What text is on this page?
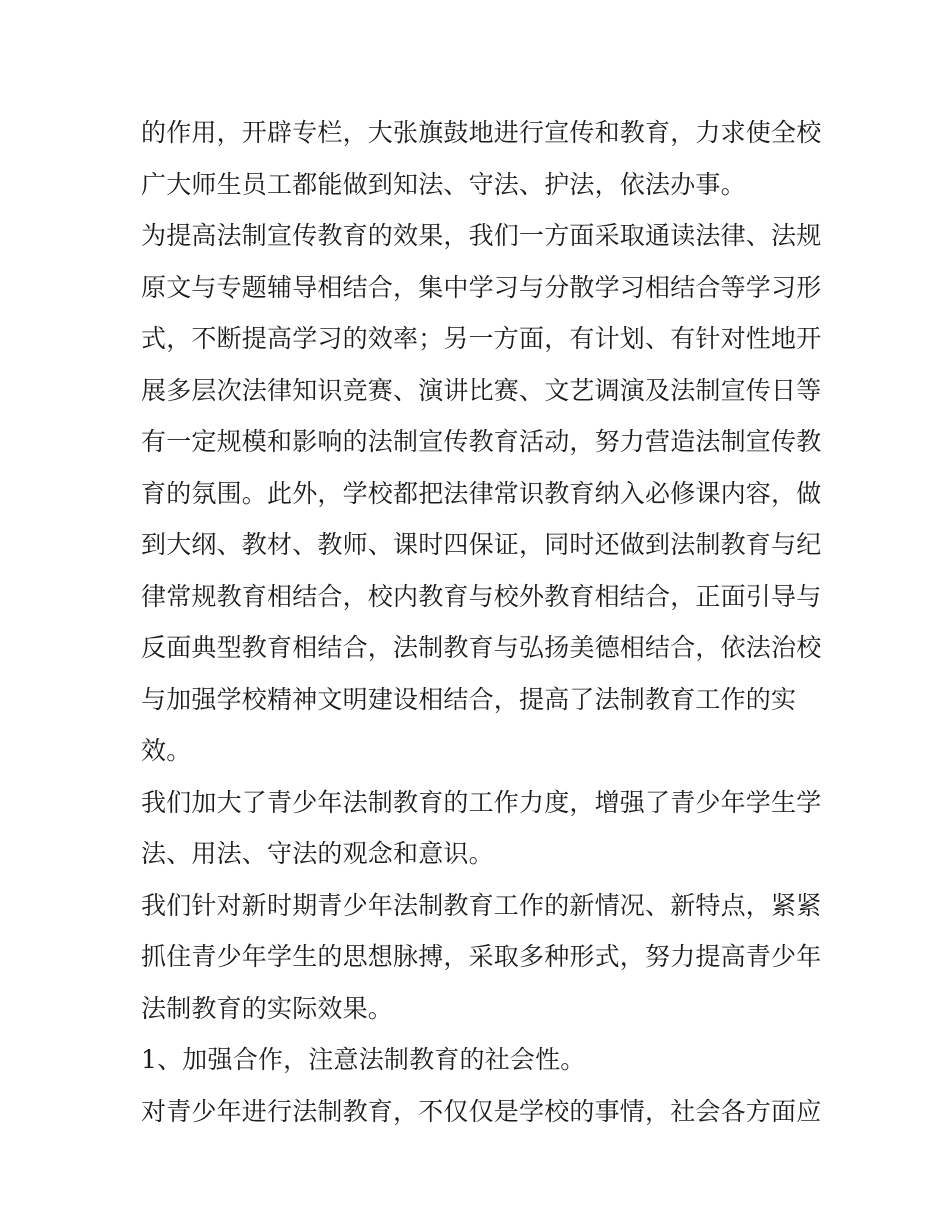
的作用，开辟专栏，大张旗鼓地进行宣传和教育，力求使全校
广大师生员工都能做到知法、守法、护法，依法办事。
为提高法制宣传教育的效果，我们一方面采取通读法律、法规
原文与专题辅导相结合，集中学习与分散学习相结合等学习形
式，不断提高学习的效率；另一方面，有计划、有针对性地开
展多层次法律知识竞赛、演讲比赛、文艺调演及法制宣传日等
有一定规模和影响的法制宣传教育活动，努力营造法制宣传教
育的氛围。此外，学校都把法律常识教育纳入必修课内容，做
到大纲、教材、教师、课时四保证，同时还做到法制教育与纪
律常规教育相结合，校内教育与校外教育相结合，正面引导与
反面典型教育相结合，法制教育与弘扬美德相结合，依法治校
与加强学校精神文明建设相结合，提高了法制教育工作的实
效。
我们加大了青少年法制教育的工作力度，增强了青少年学生学
法、用法、守法的观念和意识。
我们针对新时期青少年法制教育工作的新情况、新特点，紧紧
抓住青少年学生的思想脉搏，采取多种形式，努力提高青少年
法制教育的实际效果。
1、加强合作，注意法制教育的社会性。
对青少年进行法制教育，不仅仅是学校的事情，社会各方面应
